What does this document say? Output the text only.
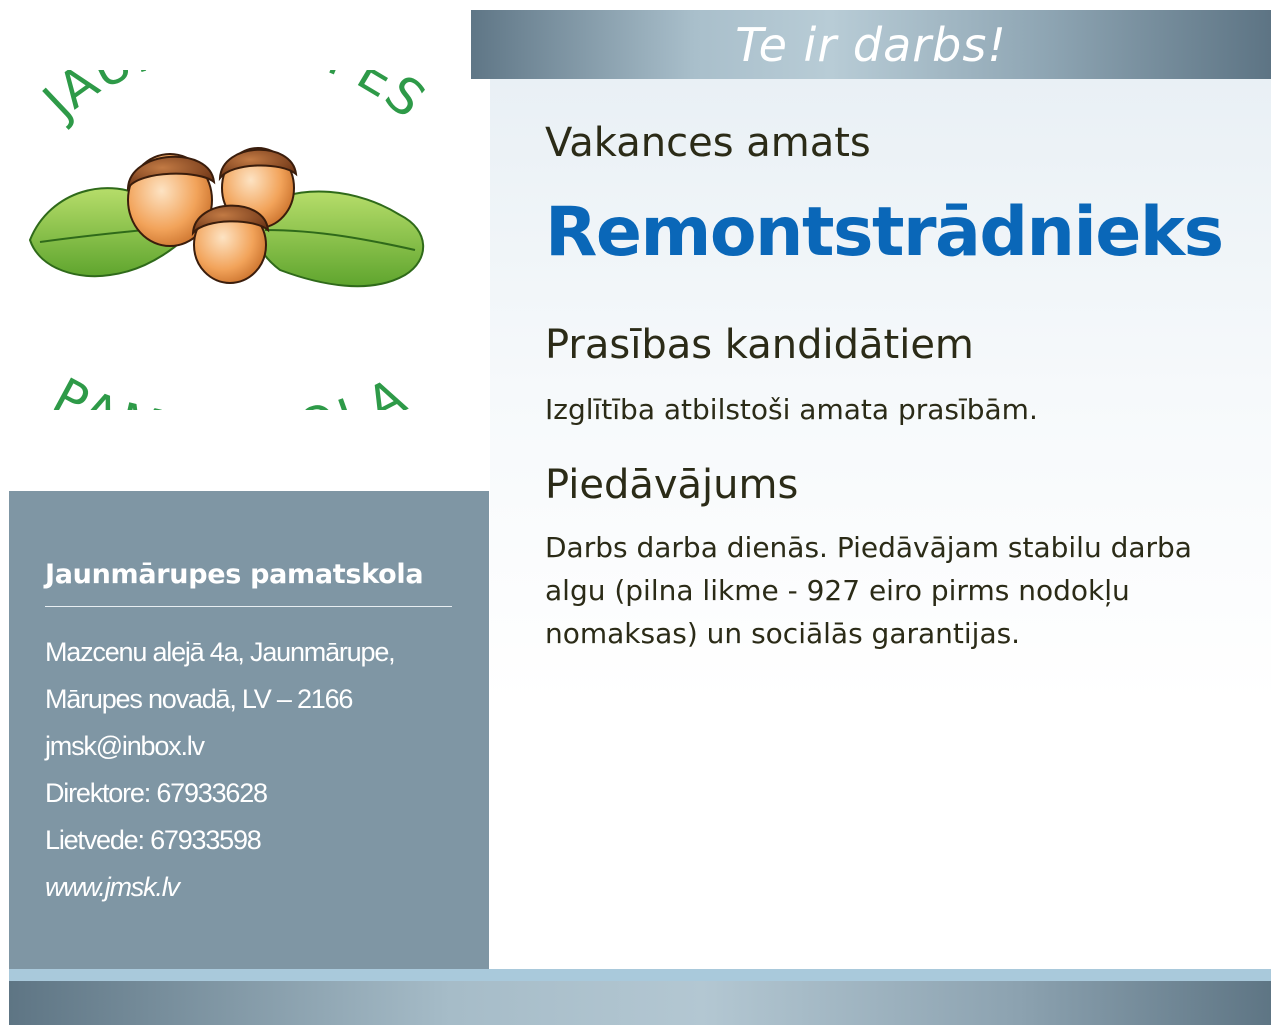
Te ir darbs!
JA ES
P A
Jaunmārupes pamatskola
Mazcenu alejā 4a, Jaunmārupe,
Mārupes novadā, LV – 2166
jmsk@inbox.lv
Direktore: 67933628
Lietvede: 67933598
www.jmsk.lv
Vakances amats
Remontstrādnieks
Prasības kandidātiem
Izglītība atbilstoši amata prasībām.
Piedāvājums
Darbs darba dienās. Piedāvājam stabilu darba algu (pilna likme - 927 eiro pirms nodokļu nomaksas) un sociālās garantijas.
